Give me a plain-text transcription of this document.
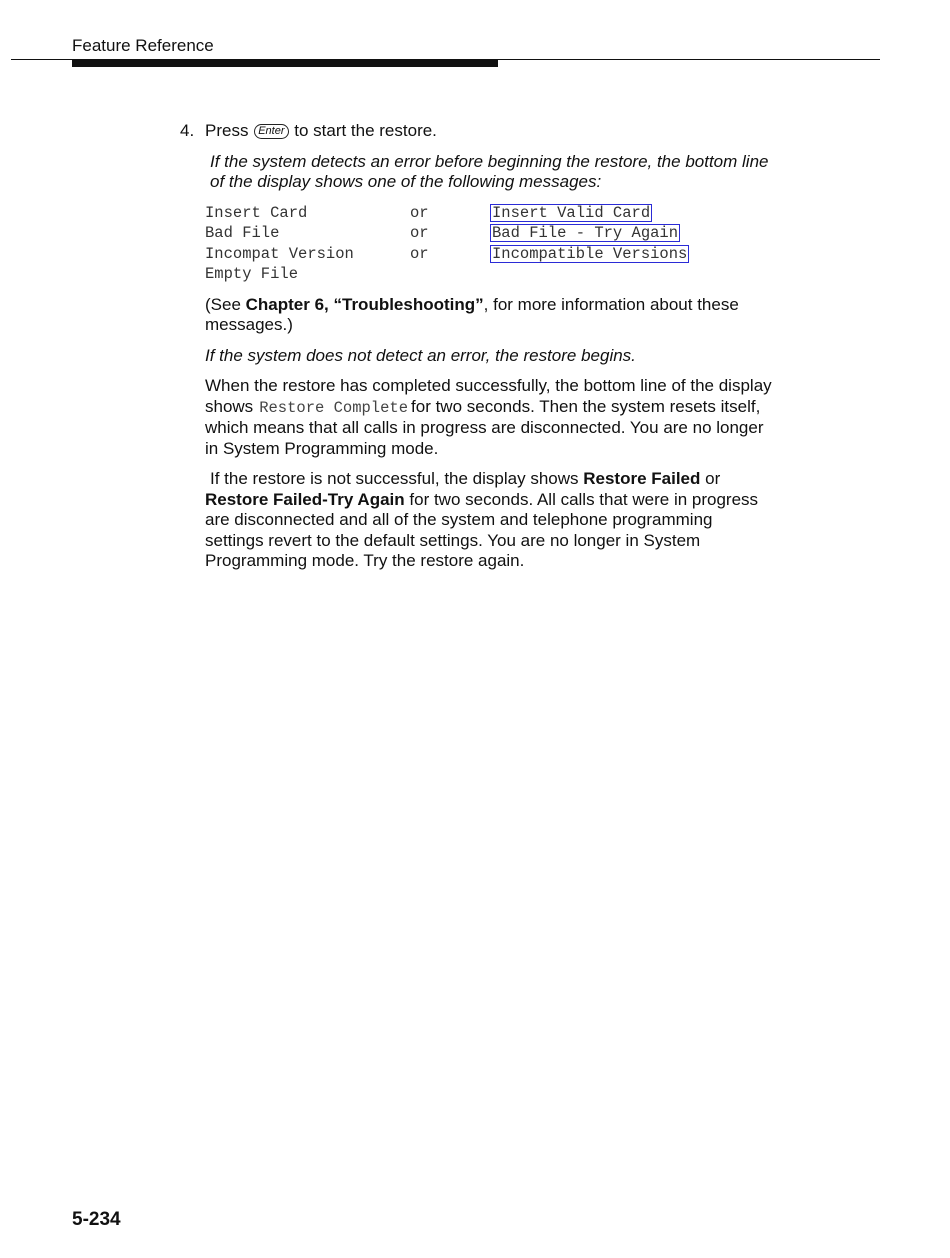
Feature Reference
4. Press Enter to start the restore.

If the system detects an error before beginning the restore, the bottom line of the display shows one of the following messages:

Insert Card	or	Insert Valid Card
Bad File	or	Bad File - Try Again
Incompat Version	or	Incompatible Versions
Empty File

(See Chapter 6, “Troubleshooting”, for more information about these messages.)

If the system does not detect an error, the restore begins.

When the restore has completed successfully, the bottom line of the display shows Restore Complete for two seconds. Then the system resets itself, which means that all calls in progress are disconnected. You are no longer in System Programming mode.

If the restore is not successful, the display shows Restore Failed or

Restore Failed-Try Again for two seconds. All calls that were in progress are disconnected and all of the system and telephone programming settings revert to the default settings. You are no longer in System Programming mode. Try the restore again.

5-234
